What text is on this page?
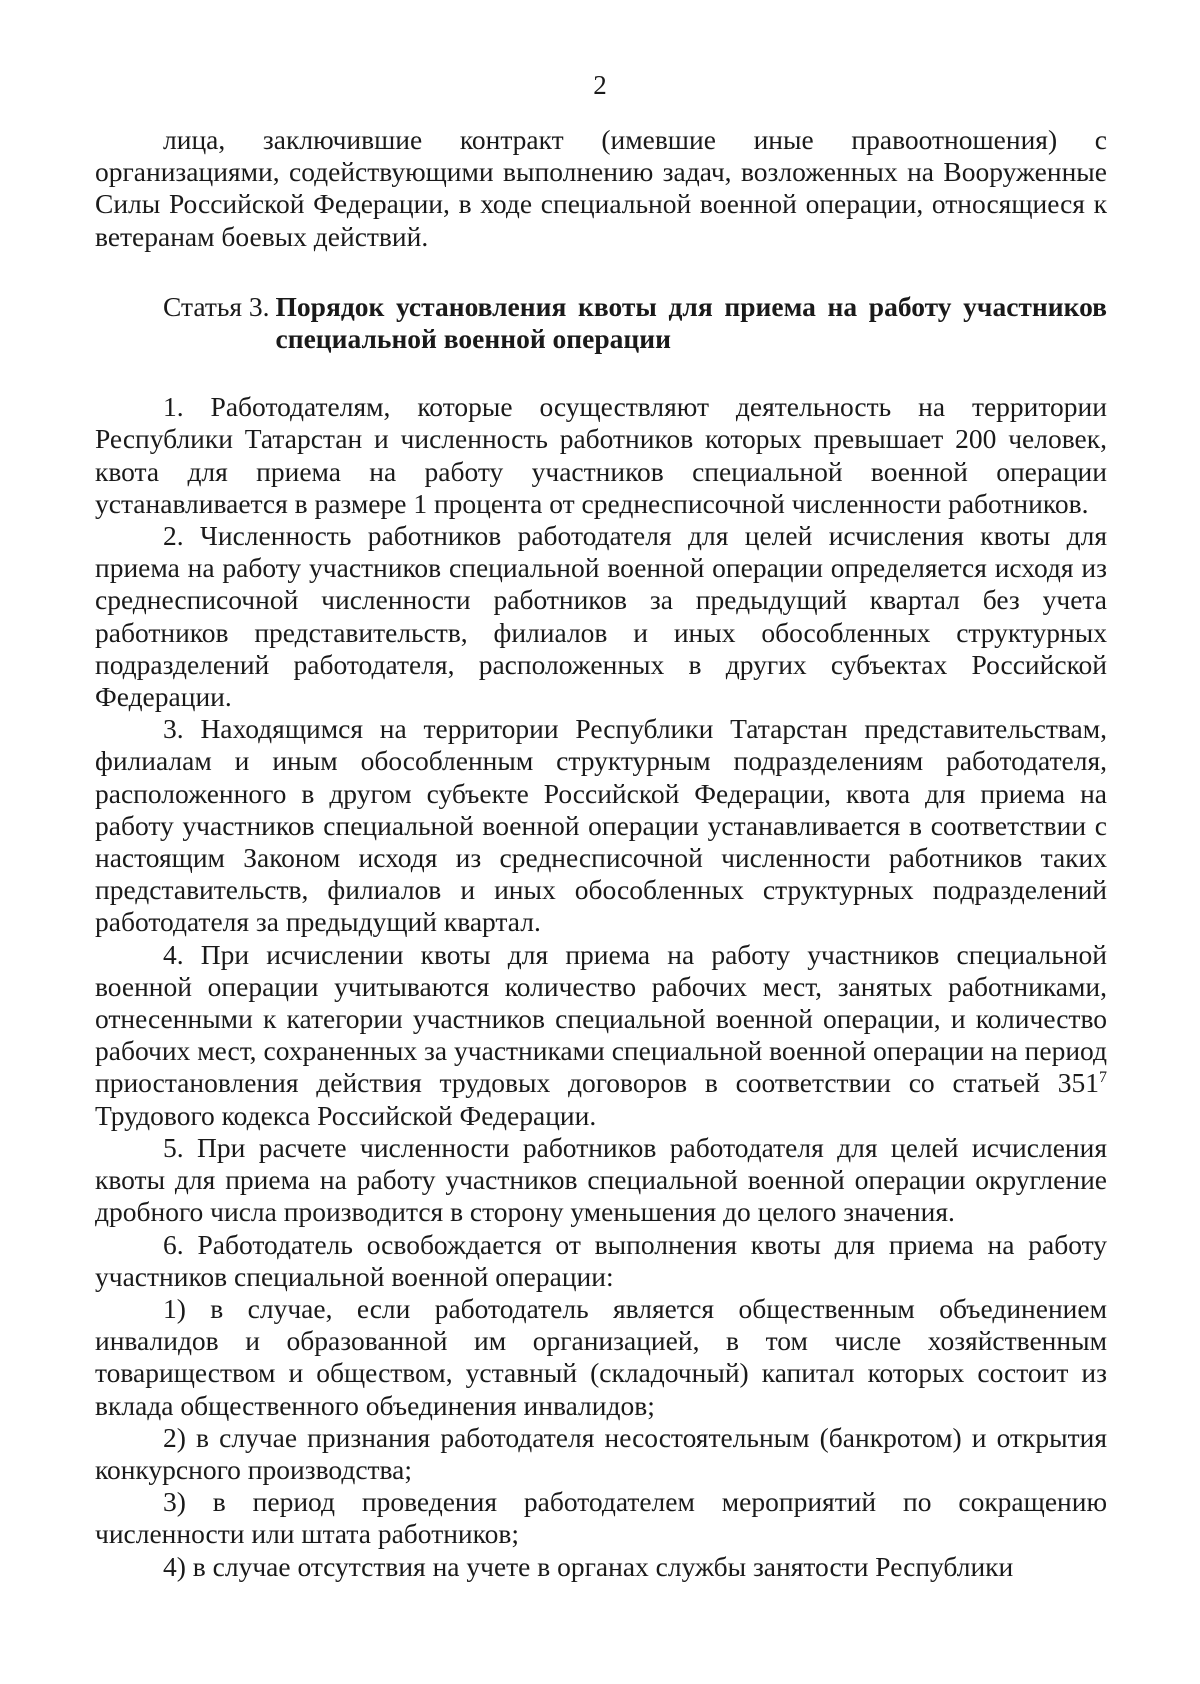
2

лица, заключившие контракт (имевшие иные правоотношения) с организациями, содействующими выполнению задач, возложенных на Вооруженные Силы Российской Федерации, в ходе специальной военной операции, относящиеся к ветеранам боевых действий.

Статья 3. Порядок установления квоты для приема на работу участников специальной военной операции

1. Работодателям, которые осуществляют деятельность на территории Республики Татарстан и численность работников которых превышает 200 человек, квота для приема на работу участников специальной военной операции устанавливается в размере 1 процента от среднесписочной численности работников.

2. Численность работников работодателя для целей исчисления квоты для приема на работу участников специальной военной операции определяется исходя из среднесписочной численности работников за предыдущий квартал без учета работников представительств, филиалов и иных обособленных структурных подразделений работодателя, расположенных в других субъектах Российской Федерации.

3. Находящимся на территории Республики Татарстан представительствам, филиалам и иным обособленным структурным подразделениям работодателя, расположенного в другом субъекте Российской Федерации, квота для приема на работу участников специальной военной операции устанавливается в соответствии с настоящим Законом исходя из среднесписочной численности работников таких представительств, филиалов и иных обособленных структурных подразделений работодателя за предыдущий квартал.

4. При исчислении квоты для приема на работу участников специальной военной операции учитываются количество рабочих мест, занятых работниками, отнесенными к категории участников специальной военной операции, и количество рабочих мест, сохраненных за участниками специальной военной операции на период приостановления действия трудовых договоров в соответствии со статьей $351^7$ Трудового кодекса Российской Федерации.

5. При расчете численности работников работодателя для целей исчисления квоты для приема на работу участников специальной военной операции округление дробного числа производится в сторону уменьшения до целого значения.

6. Работодатель освобождается от выполнения квоты для приема на работу участников специальной военной операции:

1) в случае, если работодатель является общественным объединением инвалидов и образованной им организацией, в том числе хозяйственным товариществом и обществом, уставный (складочный) капитал которых состоит из вклада общественного объединения инвалидов;

2) в случае признания работодателя несостоятельным (банкротом) и открытия конкурсного производства;

3) в период проведения работодателем мероприятий по сокращению численности или штата работников;

4) в случае отсутствия на учете в органах службы занятости Республики
